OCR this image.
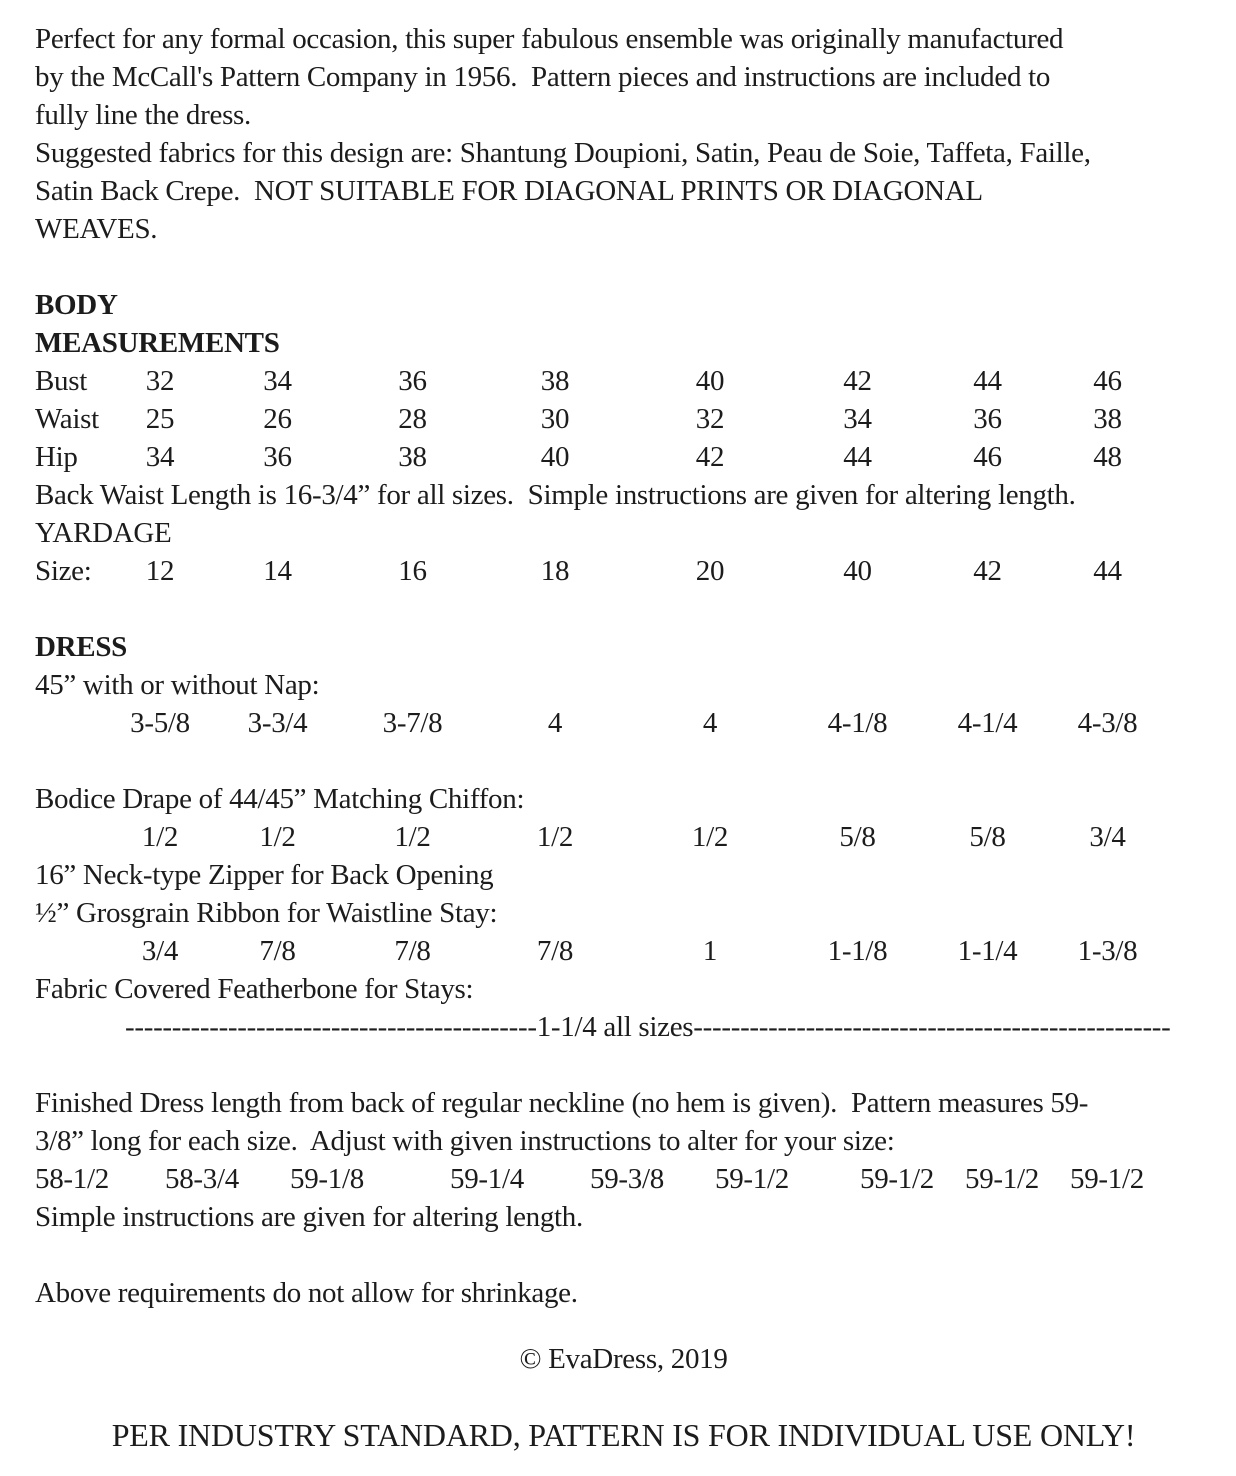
Perfect for any formal occasion, this super fabulous ensemble was originally manufactured
by the McCall's Pattern Company in 1956.  Pattern pieces and instructions are included to
fully line the dress.
Suggested fabrics for this design are: Shantung Doupioni, Satin, Peau de Soie, Taffeta, Faille,
Satin Back Crepe.  NOT SUITABLE FOR DIAGONAL PRINTS OR DIAGONAL
WEAVES.
BODY
MEASUREMENTS
Bust	32	34	36	38	40	42	44	46
Waist	25	26	28	30	32	34	36	38
Hip	34	36	38	40	42	44	46	48
Back Waist Length is 16-3/4” for all sizes.  Simple instructions are given for altering length.
YARDAGE
Size:	12	14	16	18	20	40	42	44
DRESS
45” with or without Nap:
3-5/8	3-3/4	3-7/8	4	4	4-1/8	4-1/4	4-3/8
Bodice Drape of 44/45” Matching Chiffon:
1/2	1/2	1/2	1/2	1/2	5/8	5/8	3/4
16” Neck-type Zipper for Back Opening
½” Grosgrain Ribbon for Waistline Stay:
3/4	7/8	7/8	7/8	1	1-1/8	1-1/4	1-3/8
Fabric Covered Featherbone for Stays:
--------------------------------------------1-1/4 all sizes---------------------------------------------------
Finished Dress length from back of regular neckline (no hem is given).  Pattern measures 59-
3/8” long for each size.  Adjust with given instructions to alter for your size:
58-1/2	58-3/4	59-1/8	59-1/4	59-3/8	59-1/2	59-1/2	59-1/2	59-1/2
Simple instructions are given for altering length.
Above requirements do not allow for shrinkage.
© EvaDress, 2019
PER INDUSTRY STANDARD, PATTERN IS FOR INDIVIDUAL USE ONLY!
